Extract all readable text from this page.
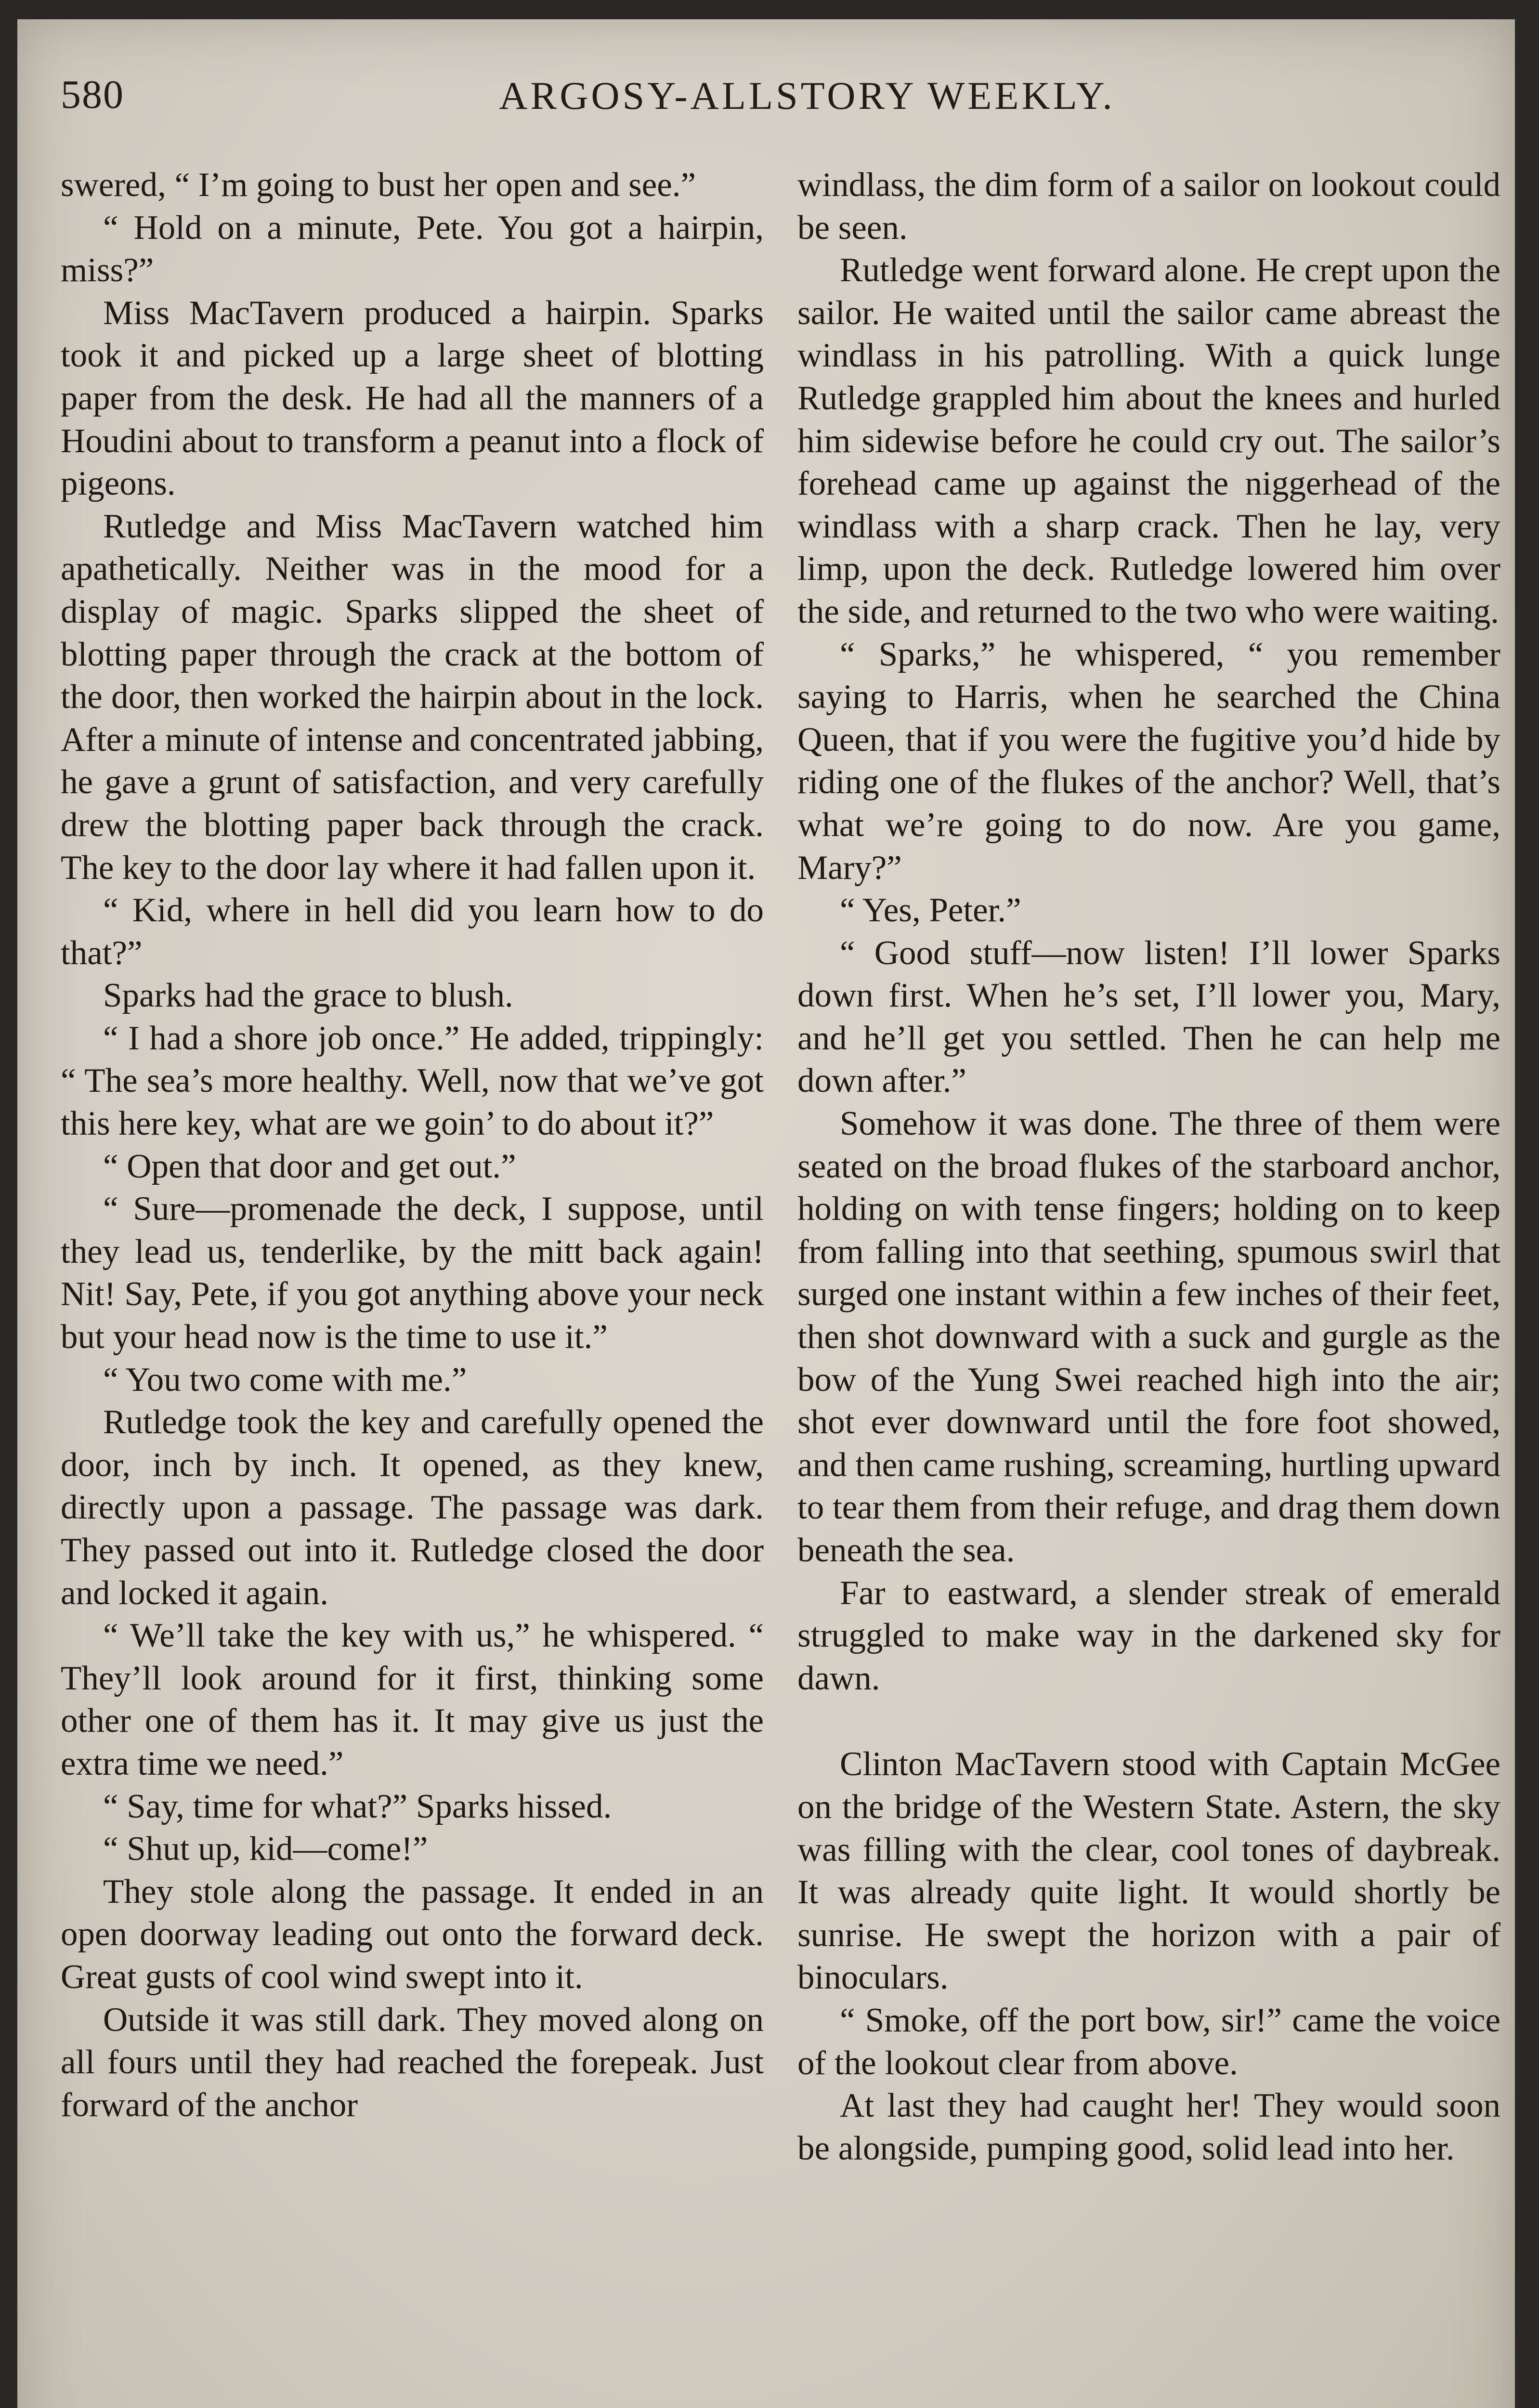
580	ARGOSY-ALLSTORY WEEKLY.

swered, “ I’m going to bust her open and see.”

“ Hold on a minute, Pete. You got a hairpin, miss?”

Miss MacTavern produced a hairpin. Sparks took it and picked up a large sheet of blotting paper from the desk. He had all the manners of a Houdini about to transform a peanut into a flock of pigeons.

Rutledge and Miss MacTavern watched him apathetically. Neither was in the mood for a display of magic. Sparks slipped the sheet of blotting paper through the crack at the bottom of the door, then worked the hairpin about in the lock. After a minute of intense and concentrated jabbing, he gave a grunt of satisfaction, and very carefully drew the blotting paper back through the crack. The key to the door lay where it had fallen upon it.

“ Kid, where in hell did you learn how to do that?”

Sparks had the grace to blush.

“ I had a shore job once.” He added, trippingly: “ The sea’s more healthy. Well, now that we’ve got this here key, what are we goin’ to do about it?”

“ Open that door and get out.”

“ Sure—promenade the deck, I suppose, until they lead us, tenderlike, by the mitt back again! Nit! Say, Pete, if you got anything above your neck but your head now is the time to use it.”

“ You two come with me.”

Rutledge took the key and carefully opened the door, inch by inch. It opened, as they knew, directly upon a passage. The passage was dark. They passed out into it. Rutledge closed the door and locked it again.

“ We’ll take the key with us,” he whispered. “ They’ll look around for it first, thinking some other one of them has it. It may give us just the extra time we need.”

“ Say, time for what?” Sparks hissed.

“ Shut up, kid—come!”

They stole along the passage. It ended in an open doorway leading out onto the forward deck. Great gusts of cool wind swept into it.

Outside it was still dark. They moved along on all fours until they had reached the forepeak. Just forward of the anchor

windlass, the dim form of a sailor on lookout could be seen.

Rutledge went forward alone. He crept upon the sailor. He waited until the sailor came abreast the windlass in his patrolling. With a quick lunge Rutledge grappled him about the knees and hurled him sidewise before he could cry out. The sailor’s forehead came up against the niggerhead of the windlass with a sharp crack. Then he lay, very limp, upon the deck. Rutledge lowered him over the side, and returned to the two who were waiting.

“ Sparks,” he whispered, “ you remember saying to Harris, when he searched the China Queen, that if you were the fugitive you’d hide by riding one of the flukes of the anchor? Well, that’s what we’re going to do now. Are you game, Mary?”

“ Yes, Peter.”

“ Good stuff—now listen! I’ll lower Sparks down first. When he’s set, I’ll lower you, Mary, and he’ll get you settled. Then he can help me down after.”

Somehow it was done. The three of them were seated on the broad flukes of the starboard anchor, holding on with tense fingers; holding on to keep from falling into that seething, spumous swirl that surged one instant within a few inches of their feet, then shot downward with a suck and gurgle as the bow of the Yung Swei reached high into the air; shot ever downward until the fore foot showed, and then came rushing, screaming, hurtling upward to tear them from their refuge, and drag them down beneath the sea.

Far to eastward, a slender streak of emerald struggled to make way in the darkened sky for dawn.

Clinton MacTavern stood with Captain McGee on the bridge of the Western State. Astern, the sky was filling with the clear, cool tones of daybreak. It was already quite light. It would shortly be sunrise. He swept the horizon with a pair of binoculars.

“ Smoke, off the port bow, sir!” came the voice of the lookout clear from above.

At last they had caught her! They would soon be alongside, pumping good, solid lead into her.
